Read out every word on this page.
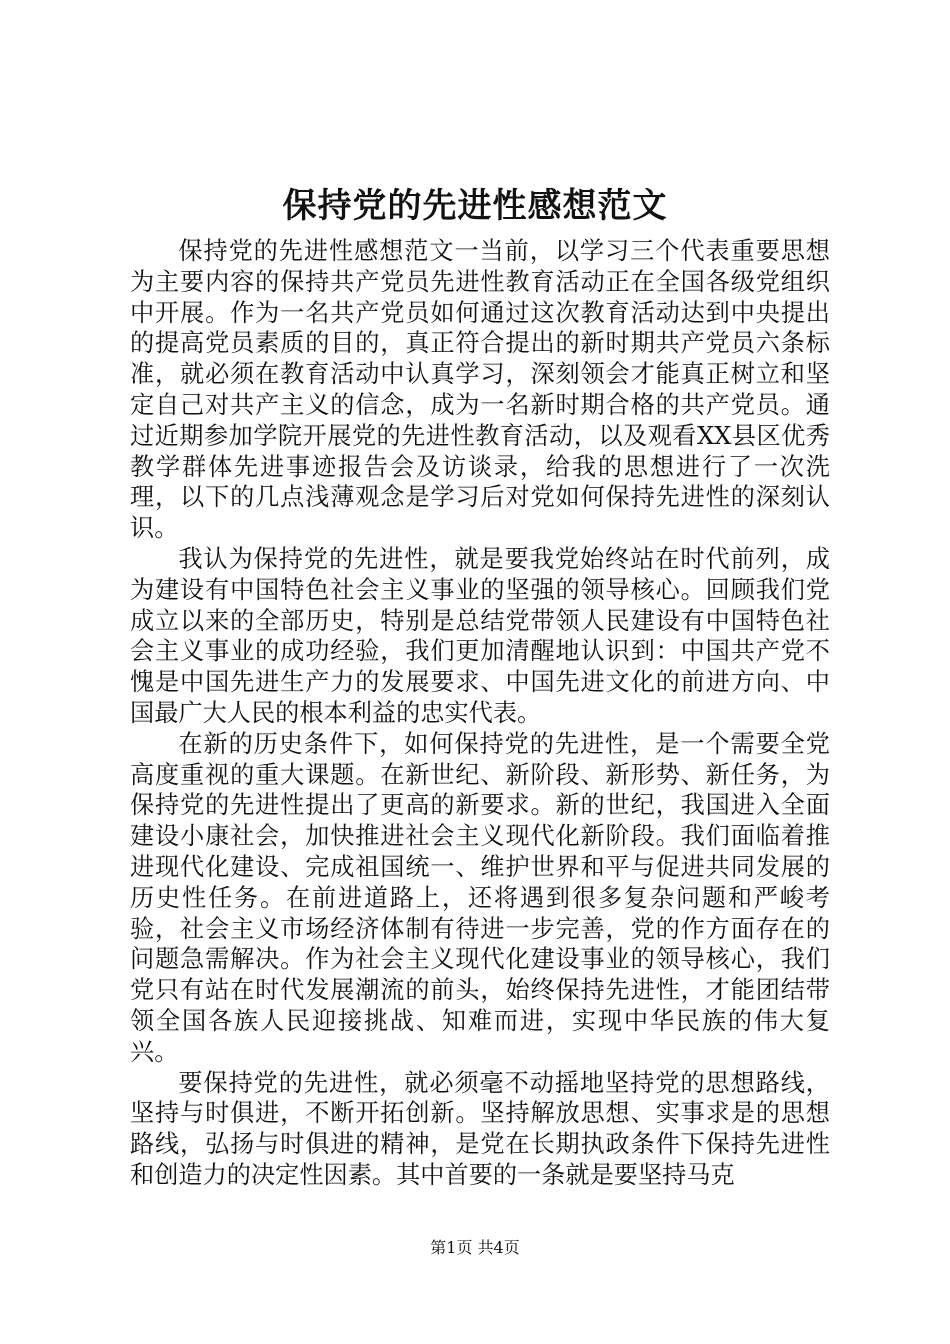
保持党的先进性感想范文

保持党的先进性感想范文一当前，以学习三个代表重要思想为主要内容的保持共产党员先进性教育活动正在全国各级党组织中开展。作为一名共产党员如何通过这次教育活动达到中央提出的提高党员素质的目的，真正符合提出的新时期共产党员六条标准，就必须在教育活动中认真学习，深刻领会才能真正树立和坚定自己对共产主义的信念，成为一名新时期合格的共产党员。通过近期参加学院开展党的先进性教育活动，以及观看XX县区优秀教学群体先进事迹报告会及访谈录，给我的思想进行了一次洗理，以下的几点浅薄观念是学习后对党如何保持先进性的深刻认识。

我认为保持党的先进性，就是要我党始终站在时代前列，成为建设有中国特色社会主义事业的坚强的领导核心。回顾我们党成立以来的全部历史，特别是总结党带领人民建设有中国特色社会主义事业的成功经验，我们更加清醒地认识到：中国共产党不愧是中国先进生产力的发展要求、中国先进文化的前进方向、中国最广大人民的根本利益的忠实代表。

在新的历史条件下，如何保持党的先进性，是一个需要全党高度重视的重大课题。在新世纪、新阶段、新形势、新任务，为保持党的先进性提出了更高的新要求。新的世纪，我国进入全面建设小康社会，加快推进社会主义现代化新阶段。我们面临着推进现代化建设、完成祖国统一、维护世界和平与促进共同发展的历史性任务。在前进道路上，还将遇到很多复杂问题和严峻考验，社会主义市场经济体制有待进一步完善，党的作方面存在的问题急需解决。作为社会主义现代化建设事业的领导核心，我们党只有站在时代发展潮流的前头，始终保持先进性，才能团结带领全国各族人民迎接挑战、知难而进，实现中华民族的伟大复兴。

要保持党的先进性，就必须毫不动摇地坚持党的思想路线，坚持与时俱进，不断开拓创新。坚持解放思想、实事求是的思想路线，弘扬与时俱进的精神，是党在长期执政条件下保持先进性和创造力的决定性因素。其中首要的一条就是要坚持马克

第1页 共4页
